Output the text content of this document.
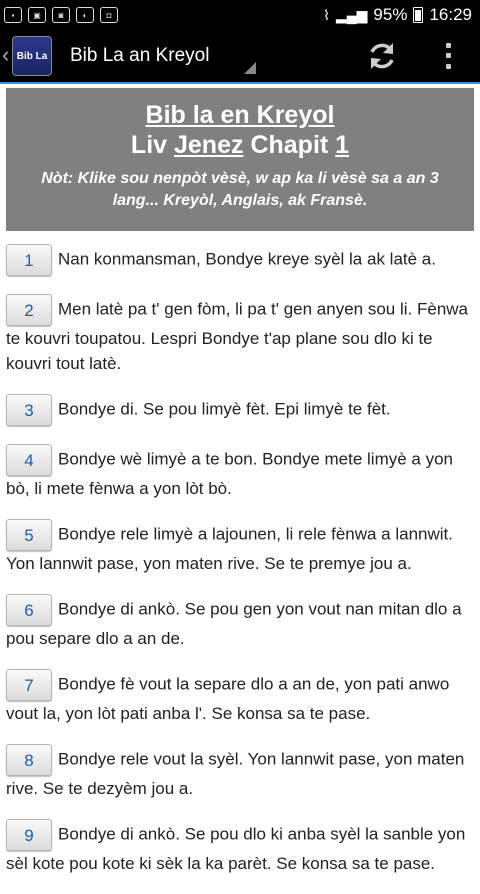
▪	▣	◙	◐	◘	⌇ ▂▄▆ 95% 16:29
‹ Bib La Bib La an Kreyol
Bib la en Kreyol
Liv Jenez Chapit 1
Nòt: Klike sou nenpòt vèsè, w ap ka li vèsè sa a an 3 lang... Kreyòl, Anglais, ak Fransè.
1 Nan konmansman, Bondye kreye syèl la ak latè a.
2 Men latè pa t' gen fòm, li pa t' gen anyen sou li. Fènwa te kouvri toupatou. Lespri Bondye t'ap plane sou dlo ki te kouvri tout latè.
3 Bondye di. Se pou limyè fèt. Epi limyè te fèt.
4 Bondye wè limyè a te bon. Bondye mete limyè a yon bò, li mete fènwa a yon lòt bò.
5 Bondye rele limyè a lajounen, li rele fènwa a lannwit. Yon lannwit pase, yon maten rive. Se te premye jou a.
6 Bondye di ankò. Se pou gen yon vout nan mitan dlo a pou separe dlo a an de.
7 Bondye fè vout la separe dlo a an de, yon pati anwo vout la, yon lòt pati anba l'. Se konsa sa te pase.
8 Bondye rele vout la syèl. Yon lannwit pase, yon maten rive. Se te dezyèm jou a.
9 Bondye di ankò. Se pou dlo ki anba syèl la sanble yon sèl kote pou kote ki sèk la ka parèt. Se konsa sa te pase.
